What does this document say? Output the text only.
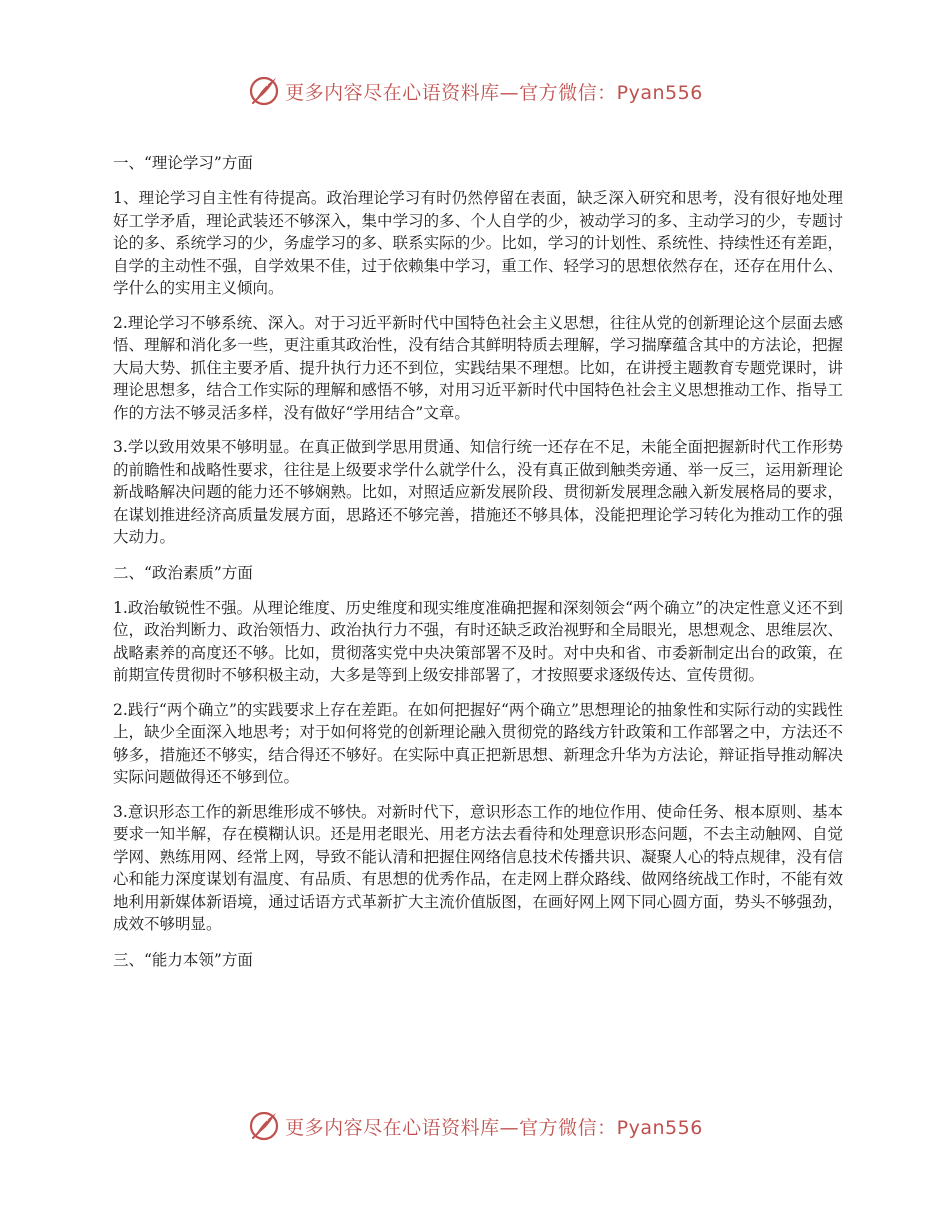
更多内容尽在心语资料库—官方微信：Pyan556
一、“理论学习”方面

1、理论学习自主性有待提高。政治理论学习有时仍然停留在表面，缺乏深入研究和思考，没有很好地处理好工学矛盾，理论武装还不够深入，集中学习的多、个人自学的少，被动学习的多、主动学习的少，专题讨论的多、系统学习的少，务虚学习的多、联系实际的少。比如，学习的计划性、系统性、持续性还有差距，自学的主动性不强，自学效果不佳，过于依赖集中学习，重工作、轻学习的思想依然存在，还存在用什么、学什么的实用主义倾向。

2.理论学习不够系统、深入。对于习近平新时代中国特色社会主义思想，往往从党的创新理论这个层面去感悟、理解和消化多一些，更注重其政治性，没有结合其鲜明特质去理解，学习揣摩蕴含其中的方法论，把握大局大势、抓住主要矛盾、提升执行力还不到位，实践结果不理想。比如，在讲授主题教育专题党课时，讲理论思想多，结合工作实际的理解和感悟不够，对用习近平新时代中国特色社会主义思想推动工作、指导工作的方法不够灵活多样，没有做好“学用结合”文章。

3.学以致用效果不够明显。在真正做到学思用贯通、知信行统一还存在不足，未能全面把握新时代工作形势的前瞻性和战略性要求，往往是上级要求学什么就学什么，没有真正做到触类旁通、举一反三，运用新理论新战略解决问题的能力还不够娴熟。比如，对照适应新发展阶段、贯彻新发展理念融入新发展格局的要求，在谋划推进经济高质量发展方面，思路还不够完善，措施还不够具体，没能把理论学习转化为推动工作的强大动力。

二、“政治素质”方面

1.政治敏锐性不强。从理论维度、历史维度和现实维度准确把握和深刻领会“两个确立”的决定性意义还不到位，政治判断力、政治领悟力、政治执行力不强，有时还缺乏政治视野和全局眼光，思想观念、思维层次、战略素养的高度还不够。比如，贯彻落实党中央决策部署不及时。对中央和省、市委新制定出台的政策，在前期宣传贯彻时不够积极主动，大多是等到上级安排部署了，才按照要求逐级传达、宣传贯彻。

2.践行“两个确立”的实践要求上存在差距。在如何把握好“两个确立”思想理论的抽象性和实际行动的实践性上，缺少全面深入地思考；对于如何将党的创新理论融入贯彻党的路线方针政策和工作部署之中，方法还不够多，措施还不够实，结合得还不够好。在实际中真正把新思想、新理念升华为方法论，辩证指导推动解决实际问题做得还不够到位。

3.意识形态工作的新思维形成不够快。对新时代下，意识形态工作的地位作用、使命任务、根本原则、基本要求一知半解，存在模糊认识。还是用老眼光、用老方法去看待和处理意识形态问题，不去主动触网、自觉学网、熟练用网、经常上网，导致不能认清和把握住网络信息技术传播共识、凝聚人心的特点规律，没有信心和能力深度谋划有温度、有品质、有思想的优秀作品，在走网上群众路线、做网络统战工作时，不能有效地利用新媒体新语境，通过话语方式革新扩大主流价值版图，在画好网上网下同心圆方面，势头不够强劲，成效不够明显。

三、“能力本领”方面
更多内容尽在心语资料库—官方微信：Pyan556
